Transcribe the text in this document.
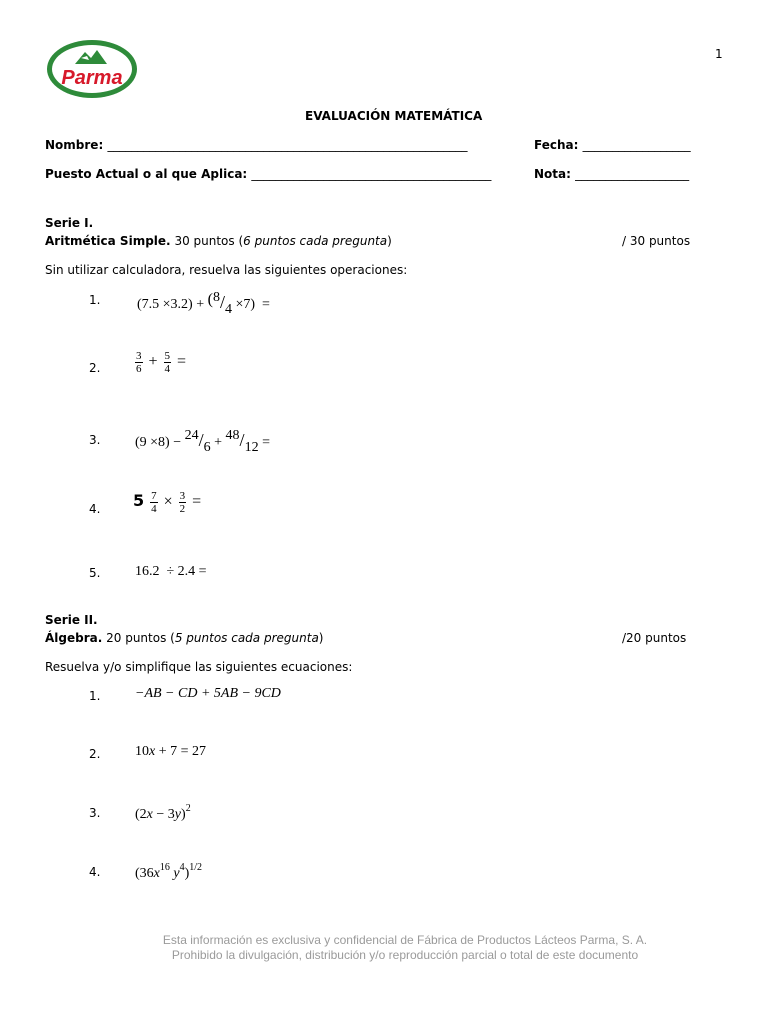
Parma
1
EVALUACIÓN MATEMÁTICA
Nombre: ____________________________________________________________	Fecha: __________________
Puesto Actual o al que Aplica: ________________________________________	Nota: ___________________
Serie I.
Aritmética Simple. 30 puntos (6 puntos cada pregunta)	/ 30 puntos
Sin utilizar calculadora, resuelva las siguientes operaciones:
1.	(7.5 ×3.2) + (8/4 ×7) =
2.	$\frac{3}{6} + \frac{5}{4}$ =
3. (9 ×8) − 24/6 + 48/12 =
4. $5 \frac{7}{4} \times \frac{3}{2}$ =
5. 16.2  ÷ 2.4 =
Serie II.
Álgebra. 20 puntos (5 puntos cada pregunta)	/20 puntos
Resuelva y/o simplifique las siguientes ecuaciones:
1. −AB − CD + 5AB − 9CD
2. 10x + 7 = 27
3. $(2x - 3y)^2$
4. ($36x^{16}$ $y^4)^{1/2}$
Esta información es exclusiva y confidencial de Fábrica de Productos Lácteos Parma, S. A.
Prohibido la divulgación, distribución y/o reproducción parcial o total de este documento
